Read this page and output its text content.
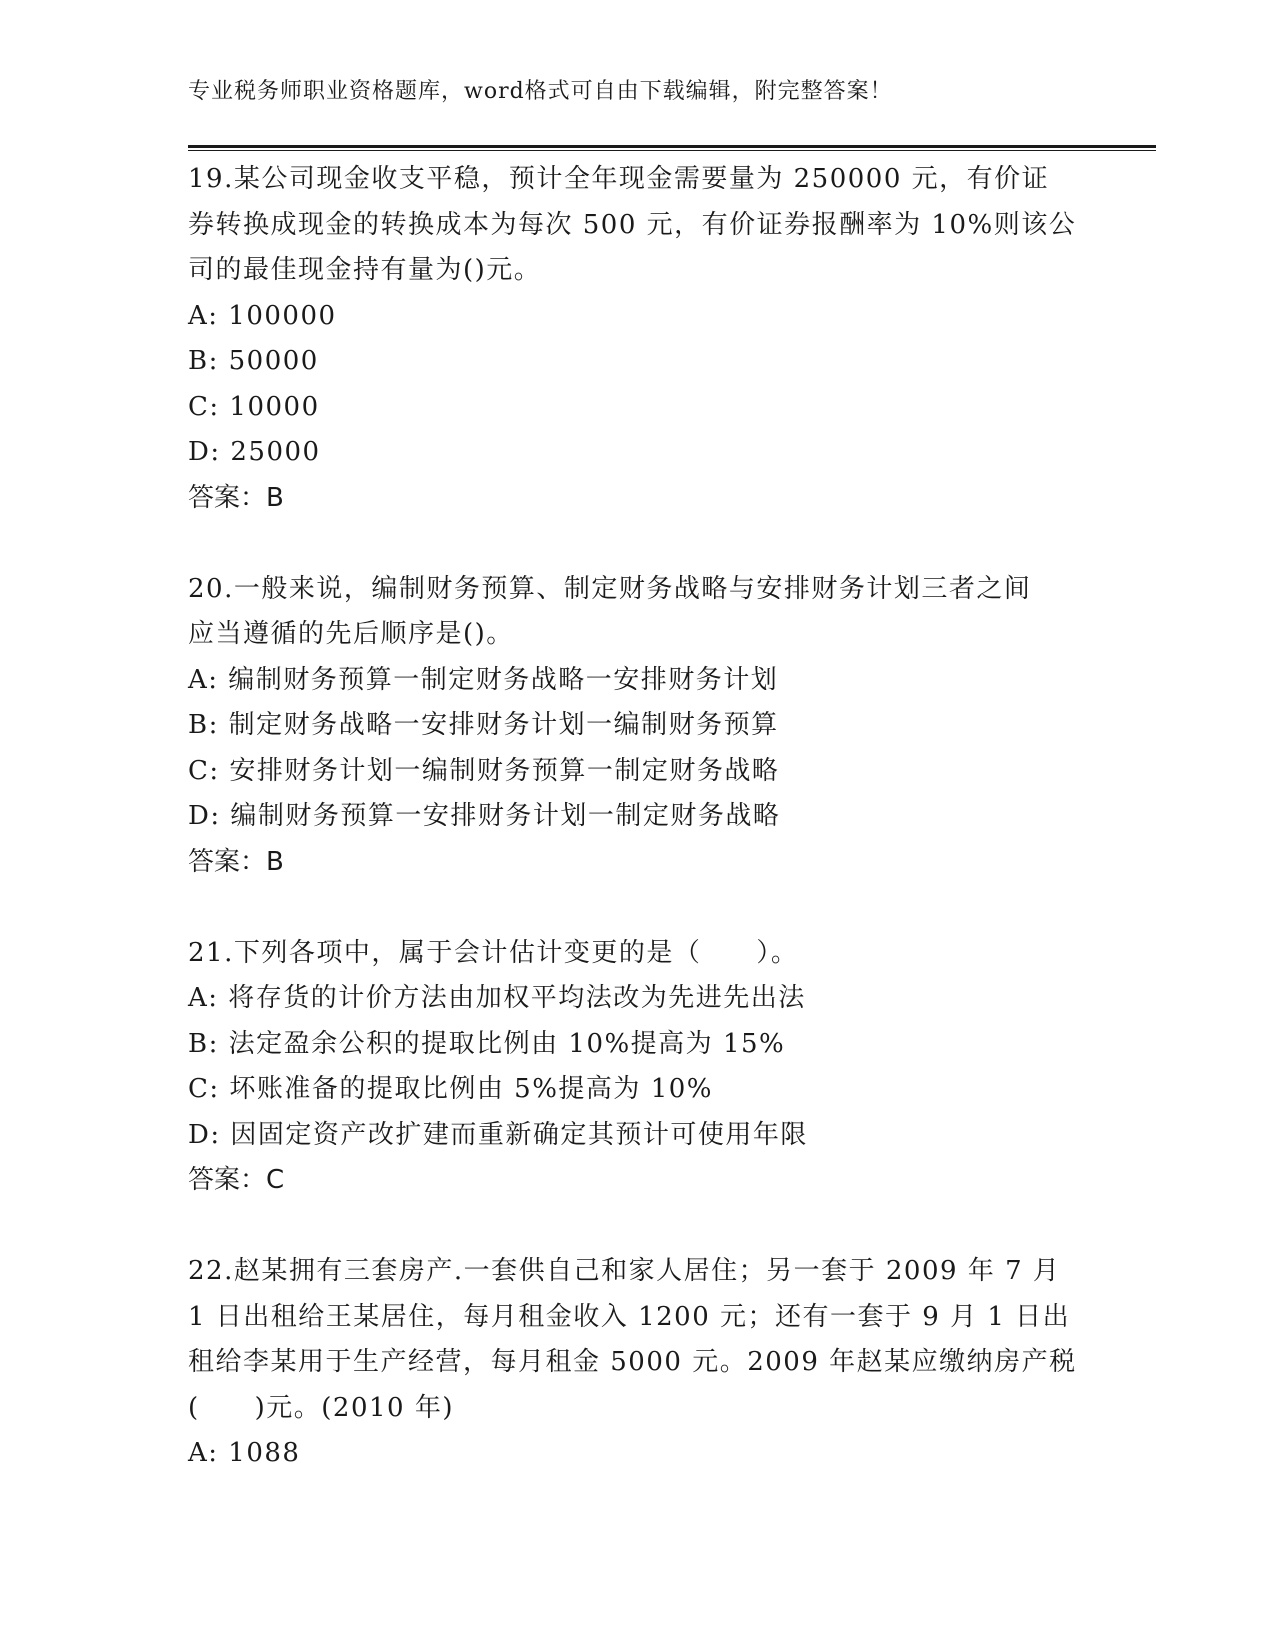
专业税务师职业资格题库，word格式可自由下载编辑，附完整答案！
19.某公司现金收支平稳，预计全年现金需要量为 250000 元，有价证
券转换成现金的转换成本为每次 500 元，有价证券报酬率为 10%则该公
司的最佳现金持有量为()元。
A: 100000
B: 50000
C: 10000
D: 25000
答案：B
20.一般来说，编制财务预算、制定财务战略与安排财务计划三者之间
应当遵循的先后顺序是()。
A: 编制财务预算一制定财务战略一安排财务计划
B: 制定财务战略一安排财务计划一编制财务预算
C: 安排财务计划一编制财务预算一制定财务战略
D: 编制财务预算一安排财务计划一制定财务战略
答案：B
21.下列各项中，属于会计估计变更的是（　　）。
A: 将存货的计价方法由加权平均法改为先进先出法
B: 法定盈余公积的提取比例由 10%提高为 15%
C: 坏账准备的提取比例由 5%提高为 10%
D: 因固定资产改扩建而重新确定其预计可使用年限
答案：C
22.赵某拥有三套房产.一套供自己和家人居住；另一套于 2009 年 7 月
1 日出租给王某居住，每月租金收入 1200 元；还有一套于 9 月 1 日出
租给李某用于生产经营，每月租金 5000 元。2009 年赵某应缴纳房产税
(　　)元。(2010 年)
A: 1088
